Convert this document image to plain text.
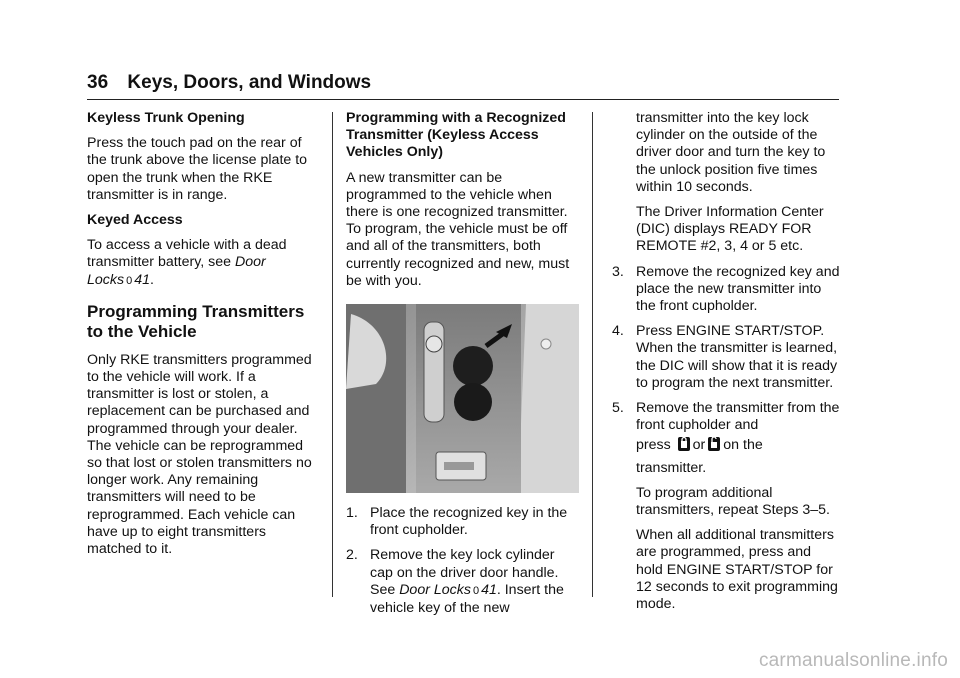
36 Keys, Doors, and Windows

Keyless Trunk Opening

Press the touch pad on the rear of the trunk above the license plate to open the trunk when the RKE transmitter is in range.

Keyed Access

To access a vehicle with a dead transmitter battery, see Door Locks 0 41.

Programming Transmitters to the Vehicle

Only RKE transmitters programmed to the vehicle will work. If a transmitter is lost or stolen, a replacement can be purchased and programmed through your dealer. The vehicle can be reprogrammed so that lost or stolen transmitters no longer work. Any remaining transmitters will need to be reprogrammed. Each vehicle can have up to eight transmitters matched to it.

Programming with a Recognized Transmitter (Keyless Access Vehicles Only)

A new transmitter can be programmed to the vehicle when there is one recognized transmitter. To program, the vehicle must be off and all of the transmitters, both currently recognized and new, must be with you.

1. Place the recognized key in the front cupholder.
2. Remove the key lock cylinder cap on the driver door handle. See Door Locks 0 41. Insert the vehicle key of the new

transmitter into the key lock cylinder on the outside of the driver door and turn the key to the unlock position five times within 10 seconds.

The Driver Information Center (DIC) displays READY FOR REMOTE #2, 3, 4 or 5 etc.

3. Remove the recognized key and place the new transmitter into the front cupholder.
4. Press ENGINE START/STOP. When the transmitter is learned, the DIC will show that it is ready to program the next transmitter.
5. Remove the transmitter from the front cupholder and

press or on the

transmitter.

To program additional transmitters, repeat Steps 3–5.

When all additional transmitters are programmed, press and hold ENGINE START/STOP for 12 seconds to exit programming mode.

carmanualsonline.info
